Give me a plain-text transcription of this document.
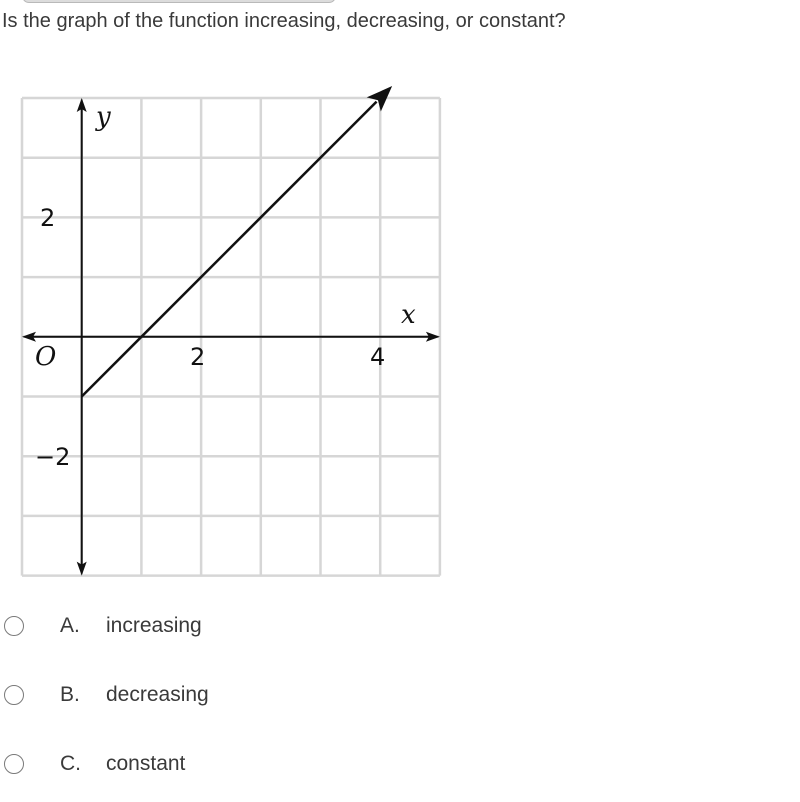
Is the graph of the function increasing, decreasing, or constant?
y
x
O	2	4
2
−2
A. increasing
B. decreasing
C. constant
